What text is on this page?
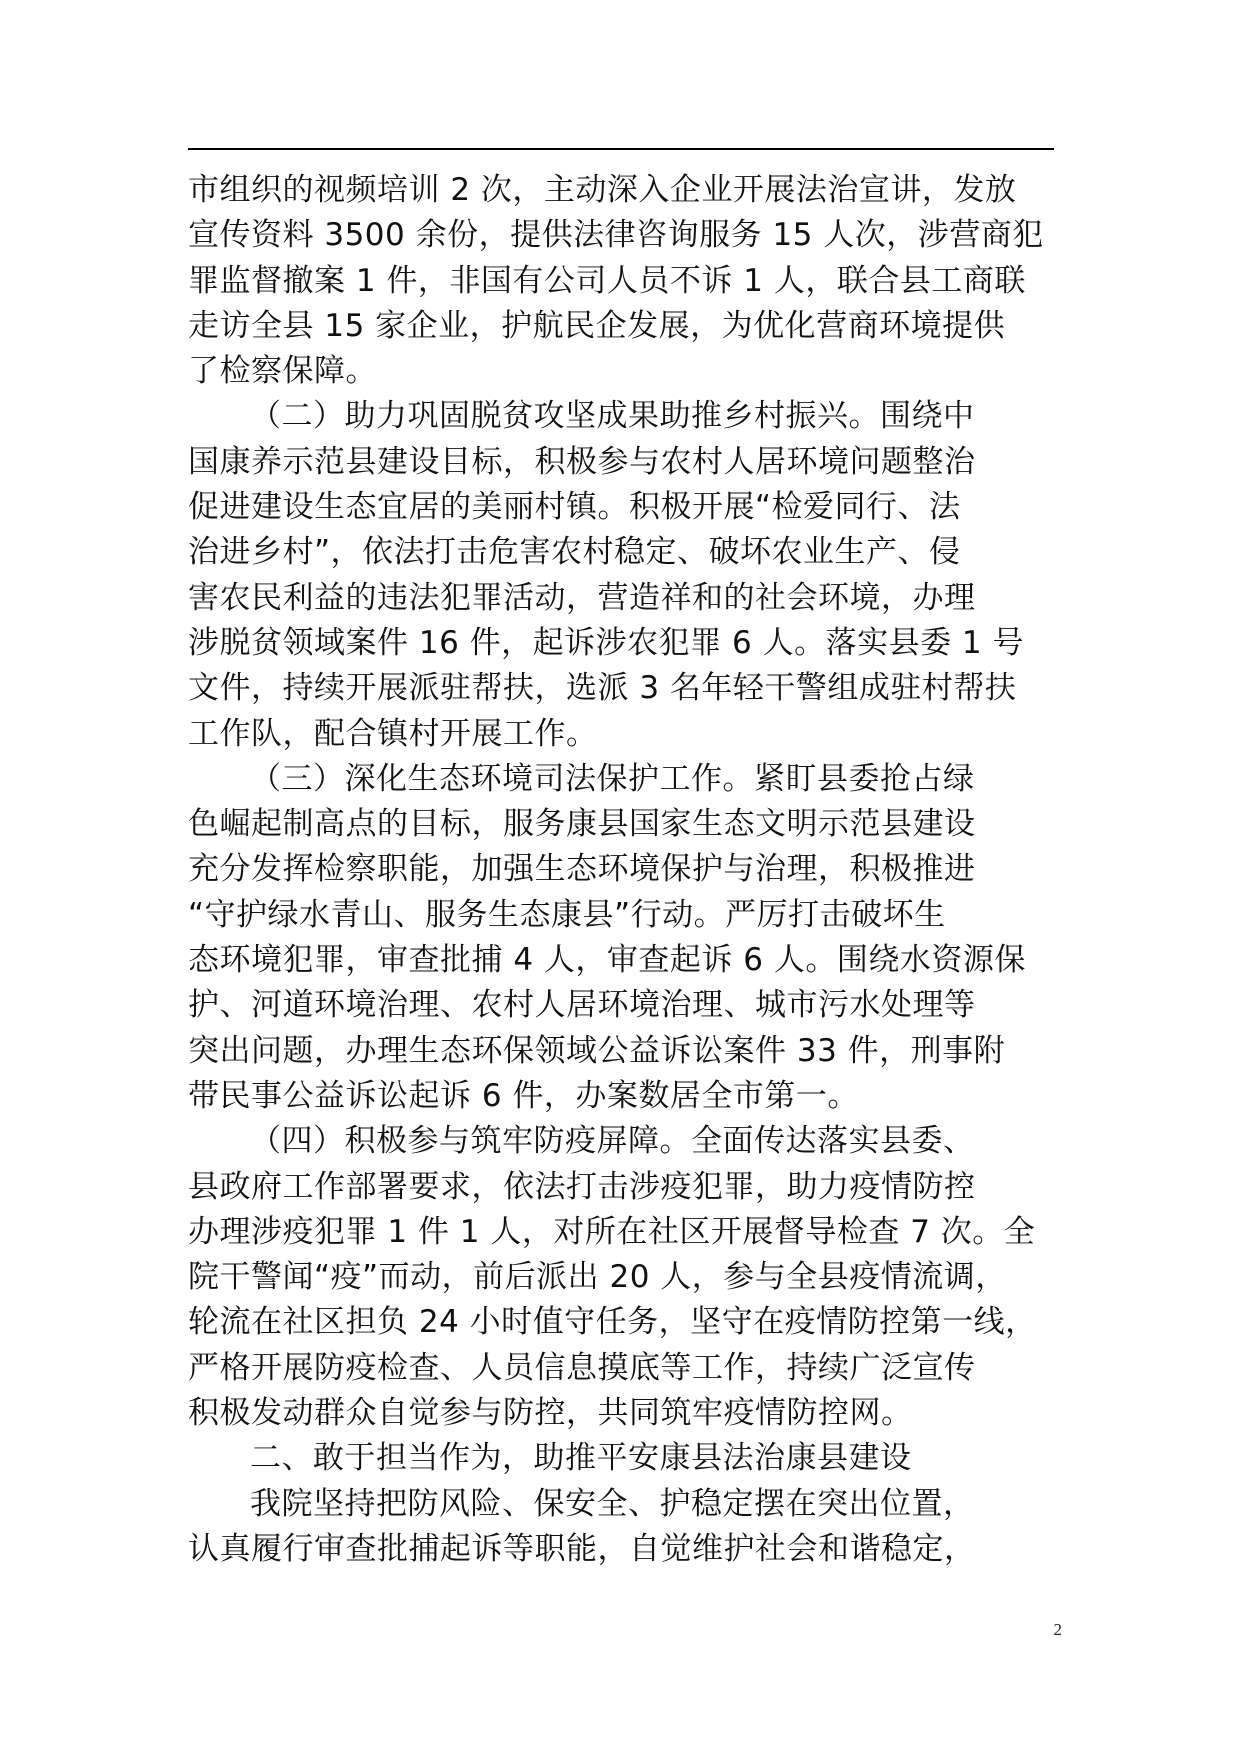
市组织的视频培训 2 次，主动深入企业开展法治宣讲，发放
宣传资料 3500 余份，提供法律咨询服务 15 人次，涉营商犯
罪监督撤案 1 件，非国有公司人员不诉 1 人，联合县工商联
走访全县 15 家企业，护航民企发展，为优化营商环境提供
了检察保障。
（二）助力巩固脱贫攻坚成果助推乡村振兴。围绕中
国康养示范县建设目标，积极参与农村人居环境问题整治
促进建设生态宜居的美丽村镇。积极开展“检爱同行、法
治进乡村”，依法打击危害农村稳定、破坏农业生产、侵
害农民利益的违法犯罪活动，营造祥和的社会环境，办理
涉脱贫领域案件 16 件，起诉涉农犯罪 6 人。落实县委 1 号
文件，持续开展派驻帮扶，选派 3 名年轻干警组成驻村帮扶
工作队，配合镇村开展工作。
（三）深化生态环境司法保护工作。紧盯县委抢占绿
色崛起制高点的目标，服务康县国家生态文明示范县建设
充分发挥检察职能，加强生态环境保护与治理，积极推进
“守护绿水青山、服务生态康县”行动。严厉打击破坏生
态环境犯罪，审查批捕 4 人，审查起诉 6 人。围绕水资源保
护、河道环境治理、农村人居环境治理、城市污水处理等
突出问题，办理生态环保领域公益诉讼案件 33 件，刑事附
带民事公益诉讼起诉 6 件，办案数居全市第一。
（四）积极参与筑牢防疫屏障。全面传达落实县委、
县政府工作部署要求，依法打击涉疫犯罪，助力疫情防控
办理涉疫犯罪 1 件 1 人，对所在社区开展督导检查 7 次。全
院干警闻“疫”而动，前后派出 20 人，参与全县疫情流调，
轮流在社区担负 24 小时值守任务，坚守在疫情防控第一线，
严格开展防疫检查、人员信息摸底等工作，持续广泛宣传
积极发动群众自觉参与防控，共同筑牢疫情防控网。
二、敢于担当作为，助推平安康县法治康县建设
我院坚持把防风险、保安全、护稳定摆在突出位置，
认真履行审查批捕起诉等职能，自觉维护社会和谐稳定，
2
